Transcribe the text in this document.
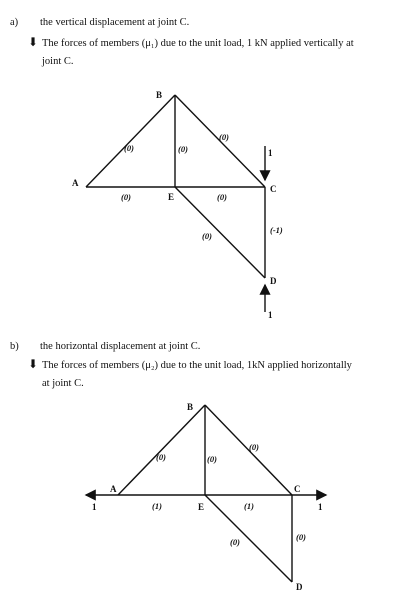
a) the vertical displacement at joint C.
⬇ The forces of members (μ₁) due to the unit load, 1 kN applied vertically at
joint C.
b) the horizontal displacement at joint C.
⬇ The forces of members (μ₂) due to the unit load, 1kN applied horizontally
at joint C.
A
B
C
E
D
(0)	(0)
(0)
(0)	(0)
(0)
(-1)
1
1
A
B
C
E
D
(0)	(0)
(0)
(1)	(1)
(0)	(0)
1	1
